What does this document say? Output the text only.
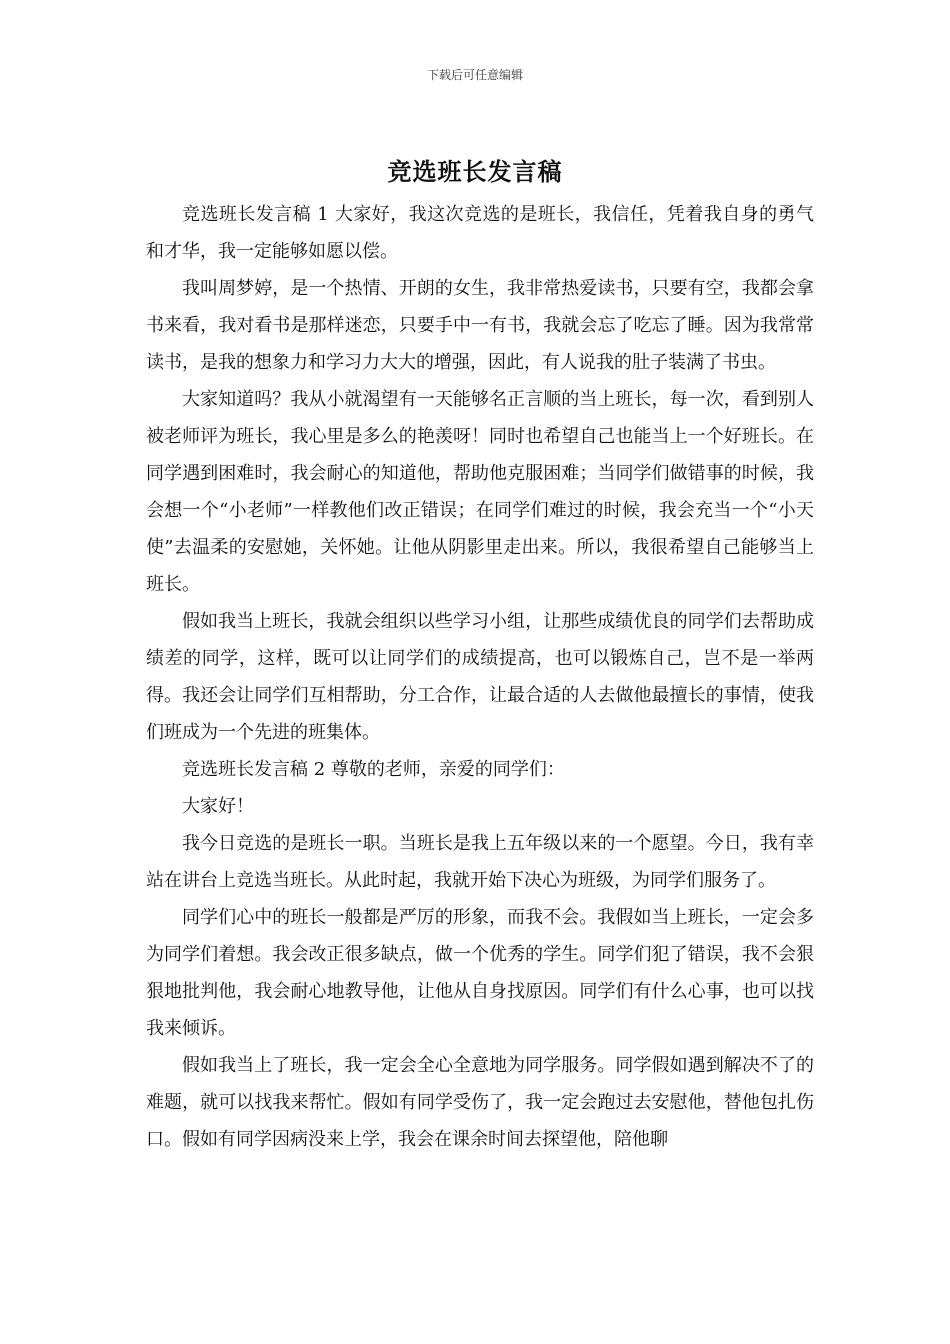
下载后可任意编辑
竞选班长发言稿

竞选班长发言稿 1 大家好，我这次竞选的是班长，我信任，凭着我自身的勇气和才华，我一定能够如愿以偿。

我叫周梦婷，是一个热情、开朗的女生，我非常热爱读书，只要有空，我都会拿书来看，我对看书是那样迷恋，只要手中一有书，我就会忘了吃忘了睡。因为我常常读书，是我的想象力和学习力大大的增强，因此，有人说我的肚子装满了书虫。

大家知道吗？我从小就渴望有一天能够名正言顺的当上班长，每一次，看到别人被老师评为班长，我心里是多么的艳羡呀！同时也希望自己也能当上一个好班长。在同学遇到困难时，我会耐心的知道他，帮助他克服困难；当同学们做错事的时候，我会想一个“小老师”一样教他们改正错误；在同学们难过的时候，我会充当一个“小天使”去温柔的安慰她，关怀她。让他从阴影里走出来。所以，我很希望自己能够当上班长。

假如我当上班长，我就会组织以些学习小组，让那些成绩优良的同学们去帮助成绩差的同学，这样，既可以让同学们的成绩提高，也可以锻炼自己，岂不是一举两得。我还会让同学们互相帮助，分工合作，让最合适的人去做他最擅长的事情，使我们班成为一个先进的班集体。

竞选班长发言稿 2 尊敬的老师，亲爱的同学们：

大家好！

我今日竞选的是班长一职。当班长是我上五年级以来的一个愿望。今日，我有幸站在讲台上竞选当班长。从此时起，我就开始下决心为班级，为同学们服务了。

同学们心中的班长一般都是严厉的形象，而我不会。我假如当上班长，一定会多为同学们着想。我会改正很多缺点，做一个优秀的学生。同学们犯了错误，我不会狠狠地批判他，我会耐心地教导他，让他从自身找原因。同学们有什么心事，也可以找我来倾诉。

假如我当上了班长，我一定会全心全意地为同学服务。同学假如遇到解决不了的难题，就可以找我来帮忙。假如有同学受伤了，我一定会跑过去安慰他，替他包扎伤口。假如有同学因病没来上学，我会在课余时间去探望他，陪他聊
